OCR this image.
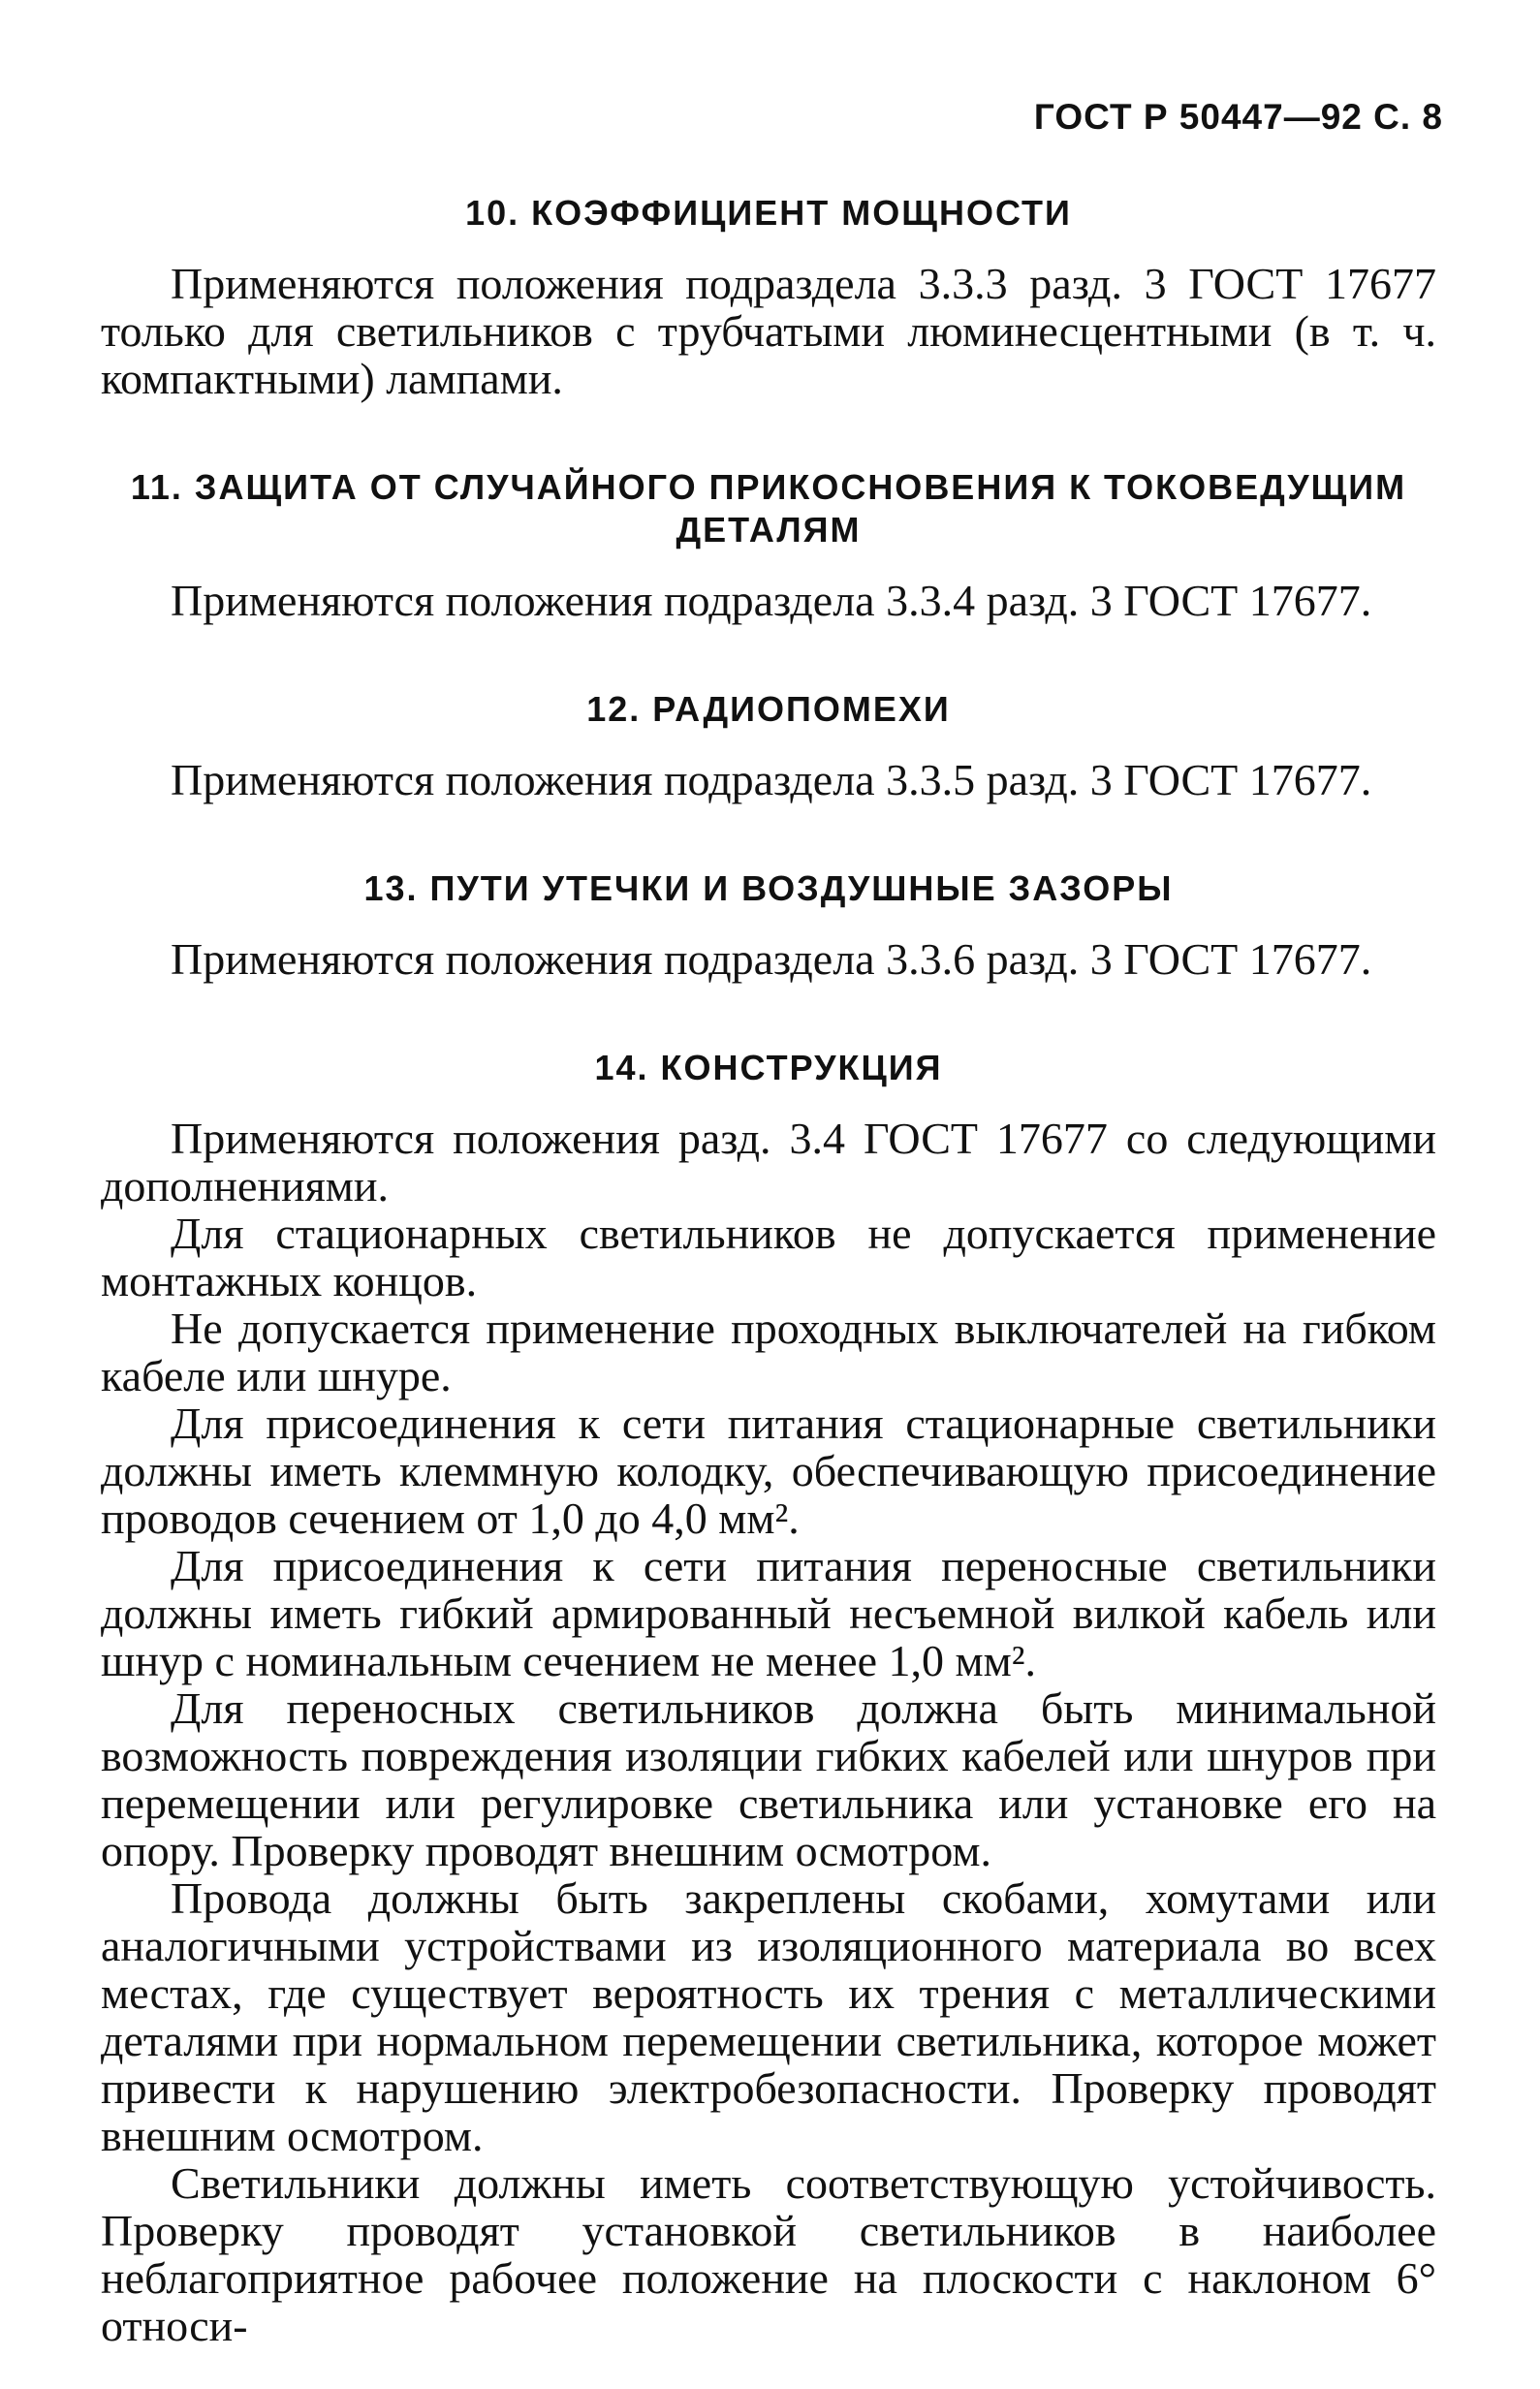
ГОСТ Р 50447—92 С. 8
10. КОЭФФИЦИЕНТ МОЩНОСТИ

Применяются положения подраздела 3.3.3 разд. 3 ГОСТ 17677 только для светильников с трубчатыми люминесцентными (в т. ч. компактными) лампами.

11. ЗАЩИТА ОТ СЛУЧАЙНОГО ПРИКОСНОВЕНИЯ К ТОКОВЕДУЩИМ ДЕТАЛЯМ

Применяются положения подраздела 3.3.4 разд. 3 ГОСТ 17677.

12. РАДИОПОМЕХИ

Применяются положения подраздела 3.3.5 разд. 3 ГОСТ 17677.

13. ПУТИ УТЕЧКИ И ВОЗДУШНЫЕ ЗАЗОРЫ

Применяются положения подраздела 3.3.6 разд. 3 ГОСТ 17677.

14. КОНСТРУКЦИЯ

Применяются положения разд. 3.4 ГОСТ 17677 со следующими дополнениями.

Для стационарных светильников не допускается применение монтажных концов.

Не допускается применение проходных выключателей на гибком кабеле или шнуре.

Для присоединения к сети питания стационарные светильники должны иметь клеммную колодку, обеспечивающую присоединение проводов сечением от 1,0 до 4,0 мм².

Для присоединения к сети питания переносные светильники должны иметь гибкий армированный несъемной вилкой кабель или шнур с номинальным сечением не менее 1,0 мм².

Для переносных светильников должна быть минимальной возможность повреждения изоляции гибких кабелей или шнуров при перемещении или регулировке светильника или установке его на опору. Проверку проводят внешним осмотром.

Провода должны быть закреплены скобами, хомутами или аналогичными устройствами из изоляционного материала во всех местах, где существует вероятность их трения с металлическими деталями при нормальном перемещении светильника, которое может привести к нарушению электробезопасности. Проверку проводят внешним осмотром.

Светильники должны иметь соответствующую устойчивость. Проверку проводят установкой светильников в наиболее неблагоприятное рабочее положение на плоскости с наклоном 6° относи-
